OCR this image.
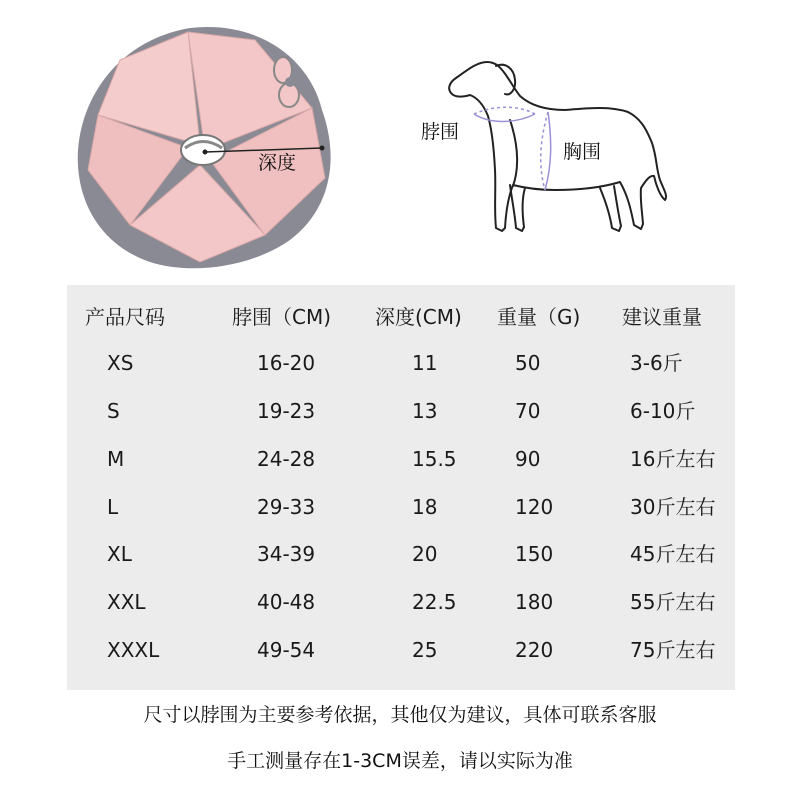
深度
脖围
胸围
产品尺码	脖围（CM) 深度(CM) 重量（G) 建议重量
XS	16-20	11	50	3-6斤
S	19-23	13	70	6-10斤
M	24-28	15.5	90	16斤左右
L	29-33	18	120	30斤左右
XL	34-39	20	150	45斤左右
XXL	40-48	22.5	180	55斤左右
XXXL	49-54	25	220	75斤左右
尺寸以脖围为主要参考依据，其他仅为建议，具体可联系客服
手工测量存在1-3CM误差，请以实际为准
